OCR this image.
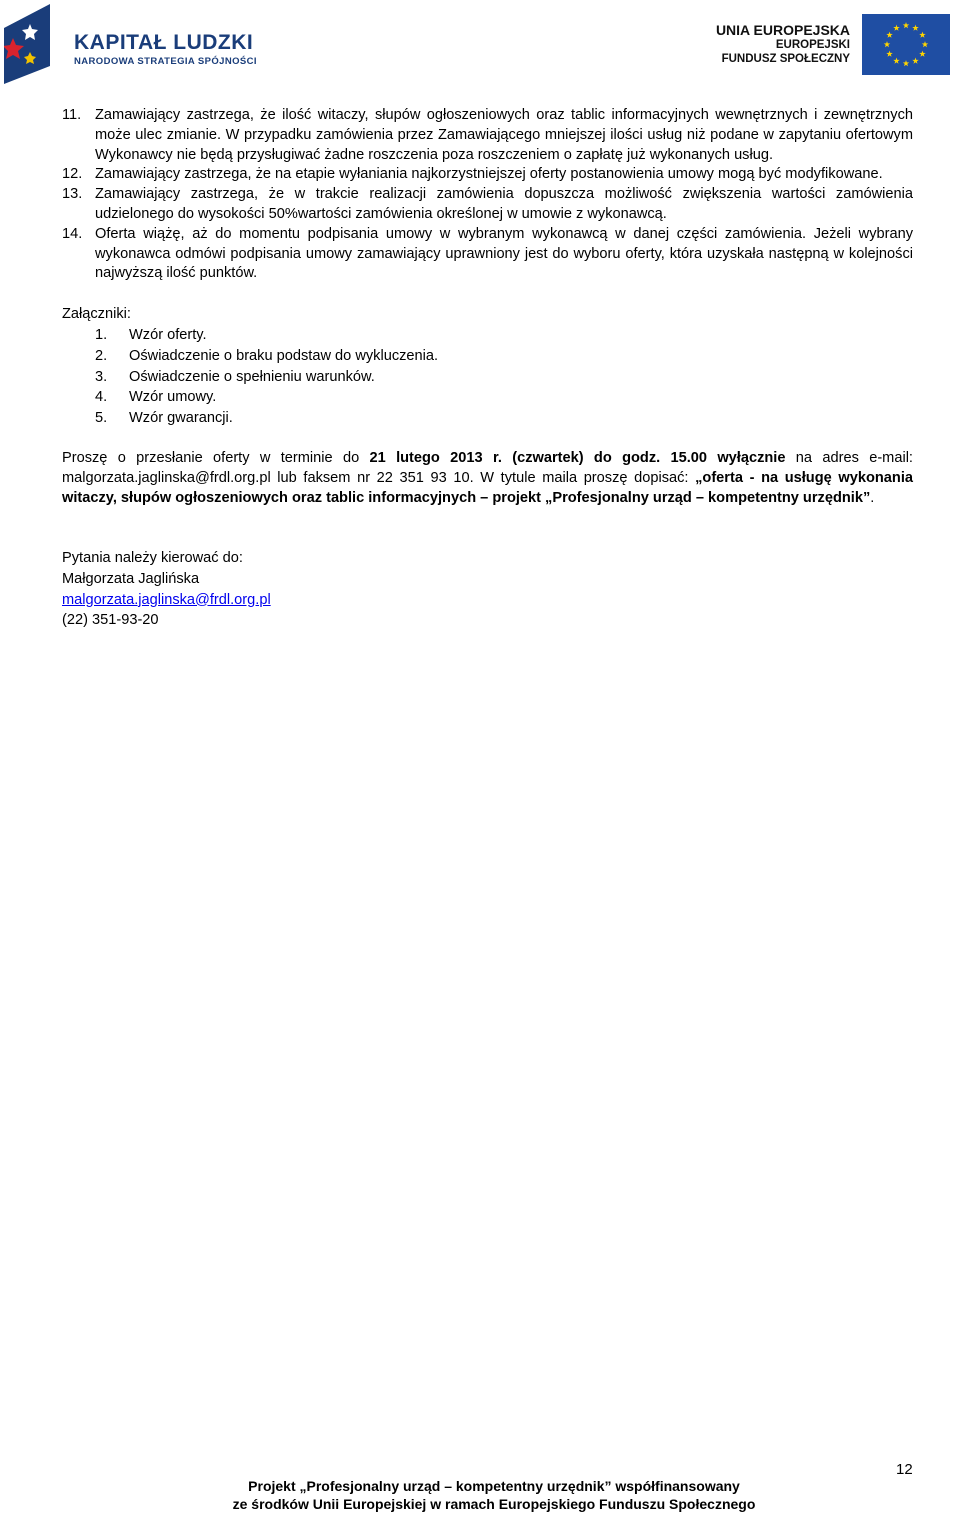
KAPITAŁ LUDZKI
NARODOWA STRATEGIA SPÓJNOŚCI
UNIA EUROPEJSKA
EUROPEJSKI
FUNDUSZ SPOŁECZNY
11. Zamawiający zastrzega, że ilość witaczy, słupów ogłoszeniowych oraz tablic informacyjnych wewnętrznych i zewnętrznych może ulec zmianie. W przypadku zamówienia przez Zamawiającego mniejszej ilości usług niż podane w zapytaniu ofertowym Wykonawcy nie będą przysługiwać żadne roszczenia poza roszczeniem o zapłatę już wykonanych usług.
12. Zamawiający zastrzega, że na etapie wyłaniania najkorzystniejszej oferty postanowienia umowy mogą być modyfikowane.
13. Zamawiający zastrzega, że w trakcie realizacji zamówienia dopuszcza możliwość zwiększenia wartości zamówienia udzielonego do wysokości 50%wartości zamówienia określonej w umowie z wykonawcą.
14. Oferta wiążę, aż do momentu podpisania umowy w wybranym wykonawcą w danej części zamówienia. Jeżeli wybrany wykonawca odmówi podpisania umowy zamawiający uprawniony jest do wyboru oferty, która uzyskała następną w kolejności najwyższą ilość punktów.
Załączniki:
1. Wzór oferty.
2. Oświadczenie o braku podstaw do wykluczenia.
3. Oświadczenie o spełnieniu warunków.
4. Wzór umowy.
5. Wzór gwarancji.
Proszę o przesłanie oferty w terminie do 21 lutego 2013 r. (czwartek) do godz. 15.00 wyłącznie na adres e-mail: malgorzata.jaglinska@frdl.org.pl lub faksem nr 22 351 93 10. W tytule maila proszę dopisać: „oferta - na usługę wykonania witaczy, słupów ogłoszeniowych oraz tablic informacyjnych – projekt „Profesjonalny urząd – kompetentny urzędnik”.
Pytania należy kierować do:
Małgorzata Jaglińska
malgorzata.jaglinska@frdl.org.pl
(22) 351-93-20
12
Projekt „Profesjonalny urząd – kompetentny urzędnik” współfinansowany
ze środków Unii Europejskiej w ramach Europejskiego Funduszu Społecznego
